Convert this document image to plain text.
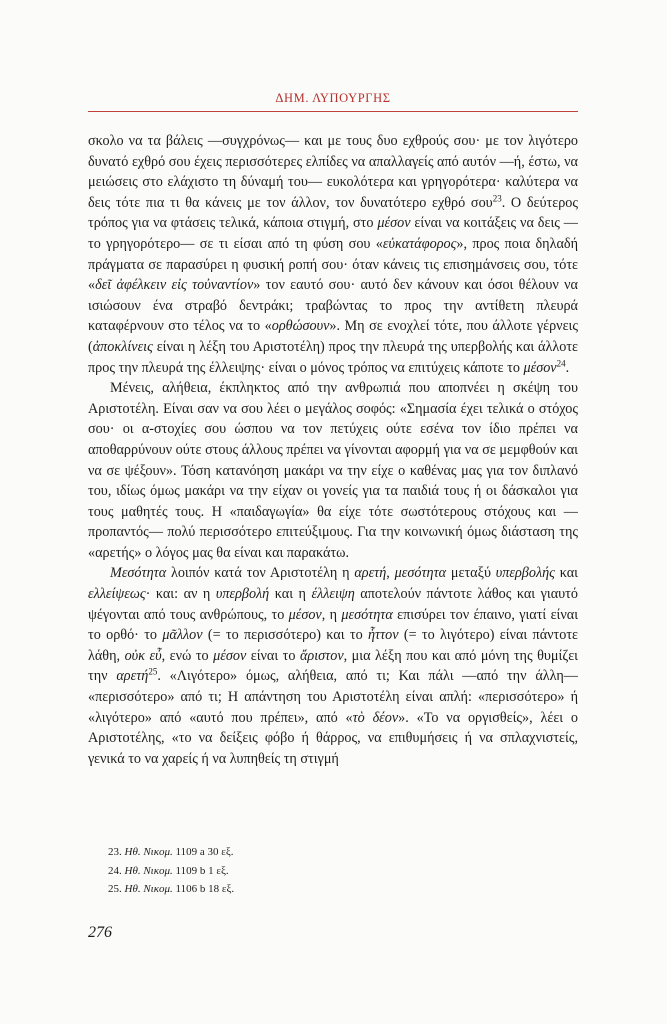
ΔΗΜ. ΛΥΠΟΥΡΓΗΣ

σκολο να τα βάλεις —συγχρόνως— και με τους δυο εχθρούς σου· με τον λιγότερο δυνατό εχθρό σου έχεις περισσότερες ελπίδες να απαλλαγείς από αυτόν —ή, έστω, να μειώσεις στο ελάχιστο τη δύναμή του— ευκολότερα και γρηγορότερα· καλύτερα να δεις τότε πια τι θα κάνεις με τον άλλον, τον δυνατότερο εχθρό σου$^{23}$. Ο δεύτερος τρόπος για να φτάσεις τελικά, κάποια στιγμή, στο μέσον είναι να κοιτάξεις να δεις —το γρηγορότερο— σε τι είσαι από τη φύση σου «εὐκατάφορος», προς ποια δηλαδή πράγματα σε παρασύρει η φυσική ροπή σου· όταν κάνεις τις επισημάνσεις σου, τότε «δεῖ ἀφέλκειν εἰς τοὐναντίον» τον εαυτό σου· αυτό δεν κάνουν και όσοι θέλουν να ισιώσουν ένα στραβό δεντράκι; τραβώντας το προς την αντίθετη πλευρά καταφέρνουν στο τέλος να το «ορθώσουν». Μη σε ενοχλεί τότε, που άλλοτε γέρνεις (ἀποκλίνεις είναι η λέξη του Αριστοτέλη) προς την πλευρά της υπερβολής και άλλοτε προς την πλευρά της έλλειψης· είναι ο μόνος τρόπος να επιτύχεις κάποτε το μέσον$^{24}$.

Μένεις, αλήθεια, έκπληκτος από την ανθρωπιά που αποπνέει η σκέψη του Αριστοτέλη. Είναι σαν να σου λέει ο μεγάλος σοφός: «Σημασία έχει τελικά ο στόχος σου· οι α-στοχίες σου ώσπου να τον πετύχεις ούτε εσένα τον ίδιο πρέπει να αποθαρρύνουν ούτε στους άλλους πρέπει να γίνονται αφορμή για να σε μεμφθούν και να σε ψέξουν». Τόση κατανόηση μακάρι να την είχε ο καθένας μας για τον διπλανό του, ιδίως όμως μακάρι να την είχαν οι γονείς για τα παιδιά τους ή οι δάσκαλοι για τους μαθητές τους. Η «παιδαγωγία» θα είχε τότε σωστότερους στόχους και —προπαντός— πολύ περισσότερο επιτεύξιμους. Για την κοινωνική όμως διάσταση της «αρετής» ο λόγος μας θα είναι και παρακάτω.

Μεσότητα λοιπόν κατά τον Αριστοτέλη η αρετή, μεσότητα μεταξύ υπερβολής και ελλείψεως· και: αν η υπερβολή και η έλλειψη αποτελούν πάντοτε λάθος και γιαυτό ψέγονται από τους ανθρώπους, το μέσον, η μεσότητα επισύρει τον έπαινο, γιατί είναι το ορθό· το μᾶλλον (= το περισσότερο) και το ἧττον (= το λιγότερο) είναι πάντοτε λάθη, οὐκ εὖ, ενώ το μέσον είναι το ἄριστον, μια λέξη που και από μόνη της θυμίζει την αρετή$^{25}$. «Λιγότερο» όμως, αλήθεια, από τι; Και πάλι —από την άλλη— «περισσότερο» από τι; Η απάντηση του Αριστοτέλη είναι απλή: «περισσότερο» ή «λιγότερο» από «αυτό που πρέπει», από «τὸ δέον». «Το να οργισθείς», λέει ο Αριστοτέλης, «το να δείξεις φόβο ή θάρρος, να επιθυμήσεις ή να σπλαχνιστείς, γενικά το να χαρείς ή να λυπηθείς τη στιγμή

23. Ηθ. Νικομ. 1109 a 30 εξ.
24. Ηθ. Νικομ. 1109 b 1 εξ.
25. Ηθ. Νικομ. 1106 b 18 εξ.
276
